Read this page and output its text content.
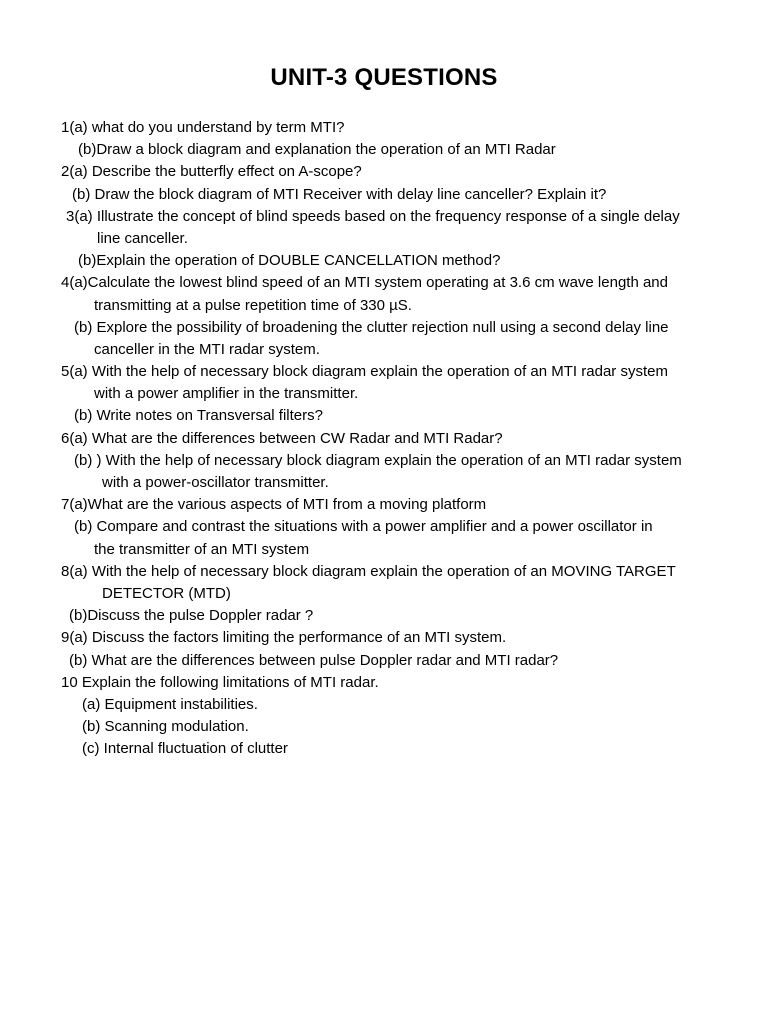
UNIT-3 QUESTIONS
1(a) what do you understand by term MTI?
(b)Draw a block diagram and explanation the operation of an MTI Radar
2(a) Describe the butterfly effect on A-scope?
(b) Draw the block diagram of MTI Receiver with delay line canceller? Explain it?
3(a) Illustrate the concept of blind speeds based on the frequency response of a single delay
line canceller.
(b)Explain the operation of DOUBLE CANCELLATION method?
4(a)Calculate the lowest blind speed of an MTI system operating at 3.6 cm wave length and
transmitting at a pulse repetition time of 330 µS.
(b) Explore the possibility of broadening the clutter rejection null using a second delay line
canceller in the MTI radar system.
5(a) With the help of necessary block diagram explain the operation of an MTI radar system
with a power amplifier in the transmitter.
(b) Write notes on Transversal filters?
6(a) What are the differences between CW Radar and MTI Radar?
(b) ) With the help of necessary block diagram explain the operation of an MTI radar system
with a power-oscillator transmitter.
7(a)What are the various aspects of MTI from a moving platform
(b) Compare and contrast the situations with a power amplifier and a power oscillator in
the transmitter of an MTI system
8(a) With the help of necessary block diagram explain the operation of an MOVING TARGET
DETECTOR (MTD)
(b)Discuss the pulse Doppler radar ?
9(a) Discuss the factors limiting the performance of an MTI system.
(b) What are the differences between pulse Doppler radar and MTI radar?
10 Explain the following limitations of MTI radar.
(a) Equipment instabilities.
(b) Scanning modulation.
(c) Internal fluctuation of clutter
